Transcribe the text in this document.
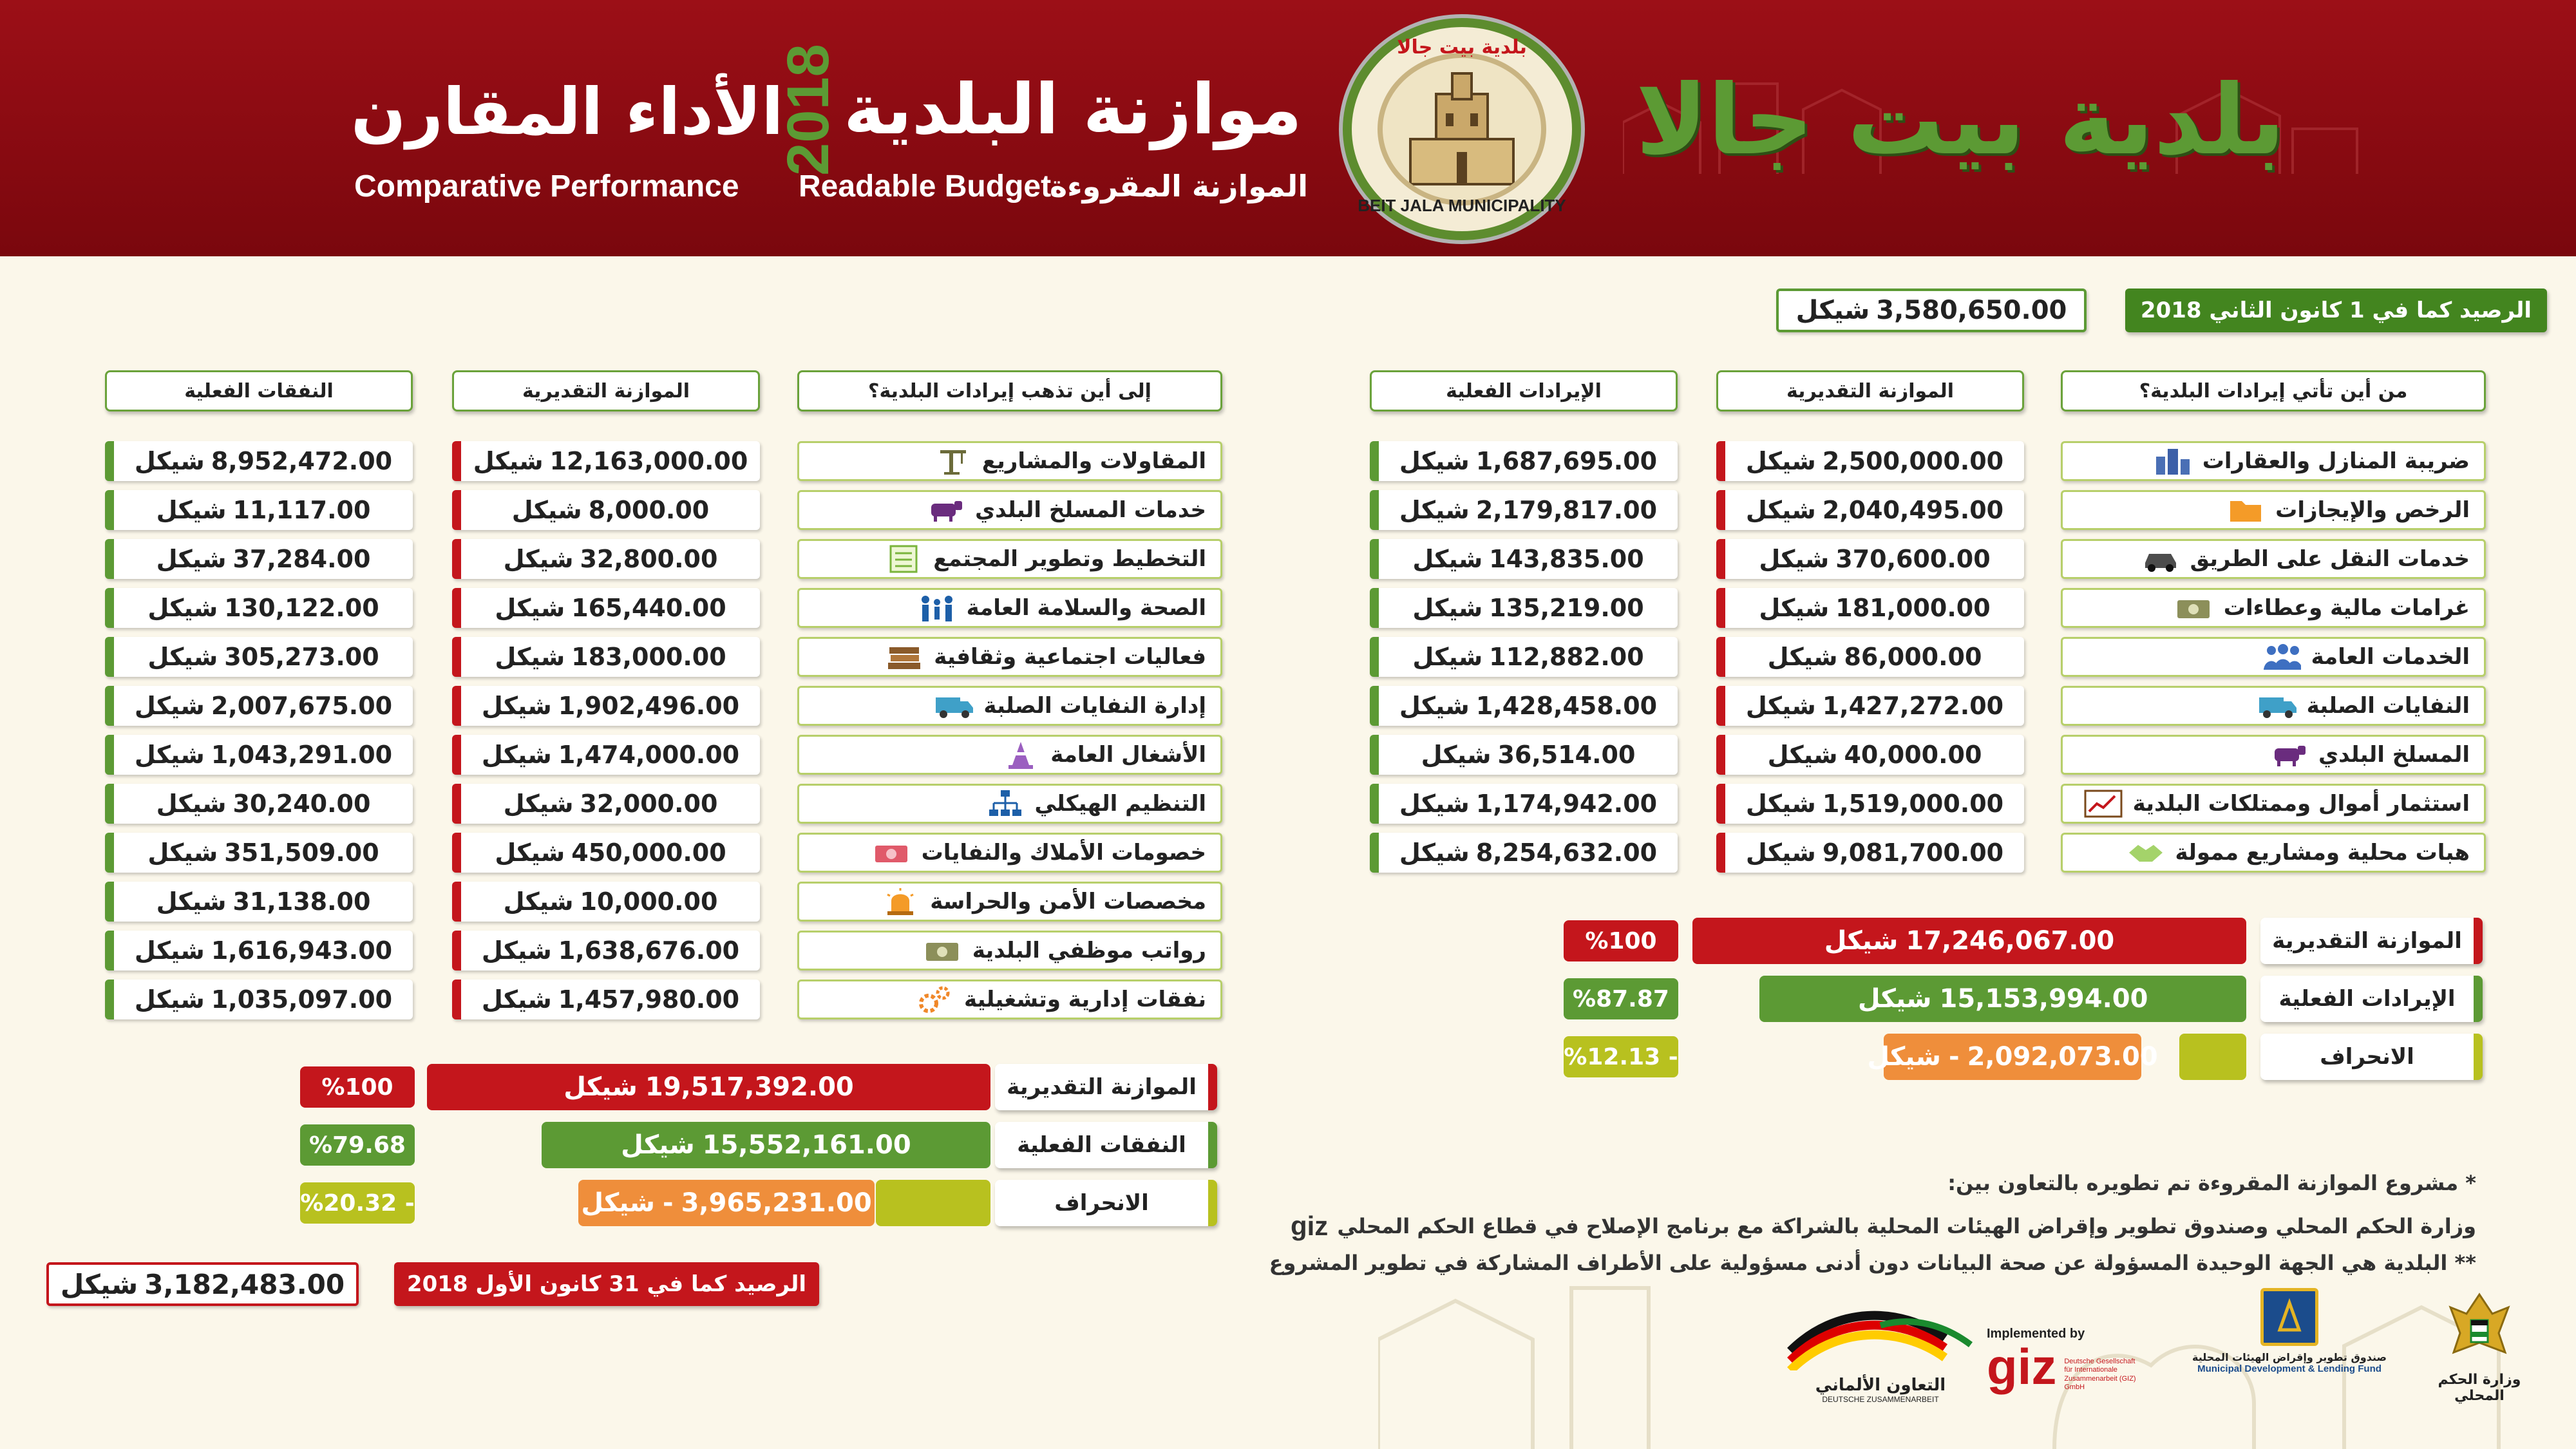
بلدية بيت جالا
BEIT JALA MUNICIPALITY
بلدية بيت جالا
موازنة البلدية
2018
الموازنة المقروءة
Readable Budget
الأداء المقارن
Comparative Performance
الرصيد كما في 1 كانون الثاني 2018
شيكل 3,580,650.00
من أين تأتي إيرادات البلدية؟
الموازنة التقديرية
الإيرادات الفعلية
ضريبة المنازل والعقارات
شيكل 2,500,000.00
شيكل 1,687,695.00
الرخص والإيجازات
شيكل 2,040,495.00
شيكل 2,179,817.00
خدمات النقل على الطريق
شيكل 370,600.00
شيكل 143,835.00
غرامات مالية وعطاءات
شيكل 181,000.00
شيكل 135,219.00
الخدمات العامة
شيكل 86,000.00
شيكل 112,882.00
النفايات الصلبة
شيكل 1,427,272.00
شيكل 1,428,458.00
المسلخ البلدي
شيكل 40,000.00
شيكل 36,514.00
استثمار أموال وممتلكات البلدية
شيكل 1,519,000.00
شيكل 1,174,942.00
هبات محلية ومشاريع ممولة
شيكل 9,081,700.00
شيكل 8,254,632.00
إلى أين تذهب إيرادات البلدية؟
الموازنة التقديرية
النفقات الفعلية
المقاولات والمشاريع
شيكل 12,163,000.00
شيكل 8,952,472.00
خدمات المسلخ البلدي
شيكل 8,000.00
شيكل 11,117.00
التخطيط وتطوير المجتمع
شيكل 32,800.00
شيكل 37,284.00
الصحة والسلامة العامة
شيكل 165,440.00
شيكل 130,122.00
فعاليات اجتماعية وثقافية
شيكل 183,000.00
شيكل 305,273.00
إدارة النفايات الصلبة
شيكل 1,902,496.00
شيكل 2,007,675.00
الأشغال العامة
شيكل 1,474,000.00
شيكل 1,043,291.00
التنظيم الهيكلي
شيكل 32,000.00
شيكل 30,240.00
خصومات الأملاك والنفايات
شيكل 450,000.00
شيكل 351,509.00
مخصصات الأمن والحراسة
شيكل 10,000.00
شيكل 31,138.00
رواتب موظفي البلدية
شيكل 1,638,676.00
شيكل 1,616,943.00
نفقات إدارية وتشغيلية
شيكل 1,457,980.00
شيكل 1,035,097.00
الموازنة التقديرية
الإيرادات الفعلية
الانحراف
شيكل 17,246,067.00
شيكل 15,153,994.00
شيكل - 2,092,073.00
%100
%87.87
%12.13 -
الموازنة التقديرية
النفقات الفعلية
الانحراف
شيكل 19,517,392.00
شيكل 15,552,161.00
شيكل - 3,965,231.00
%100
%79.68
%20.32 -
الرصيد كما في 31 كانون الأول 2018
شيكل 3,182,483.00
* مشروع الموازنة المقروءة تم تطويره بالتعاون بين:
وزارة الحكم المحلي وصندوق تطوير وإقراض الهيئات المحلية بالشراكة مع برنامج الإصلاح في قطاع الحكم المحلي
giz
** البلدية هي الجهة الوحيدة المسؤولة عن صحة البيانات دون أدنى مسؤولية على الأطراف المشاركة في تطوير المشروع
التعاون الألماني
DEUTSCHE ZUSAMMENARBEIT
Implemented by
giz Deutsche Gesellschaft für Internationale Zusammenarbeit (GIZ) GmbH
صندوق تطوير وإقراض الهيئات المحلية
Municipal Development & Lending Fund
وزارة الحكم المحلي
